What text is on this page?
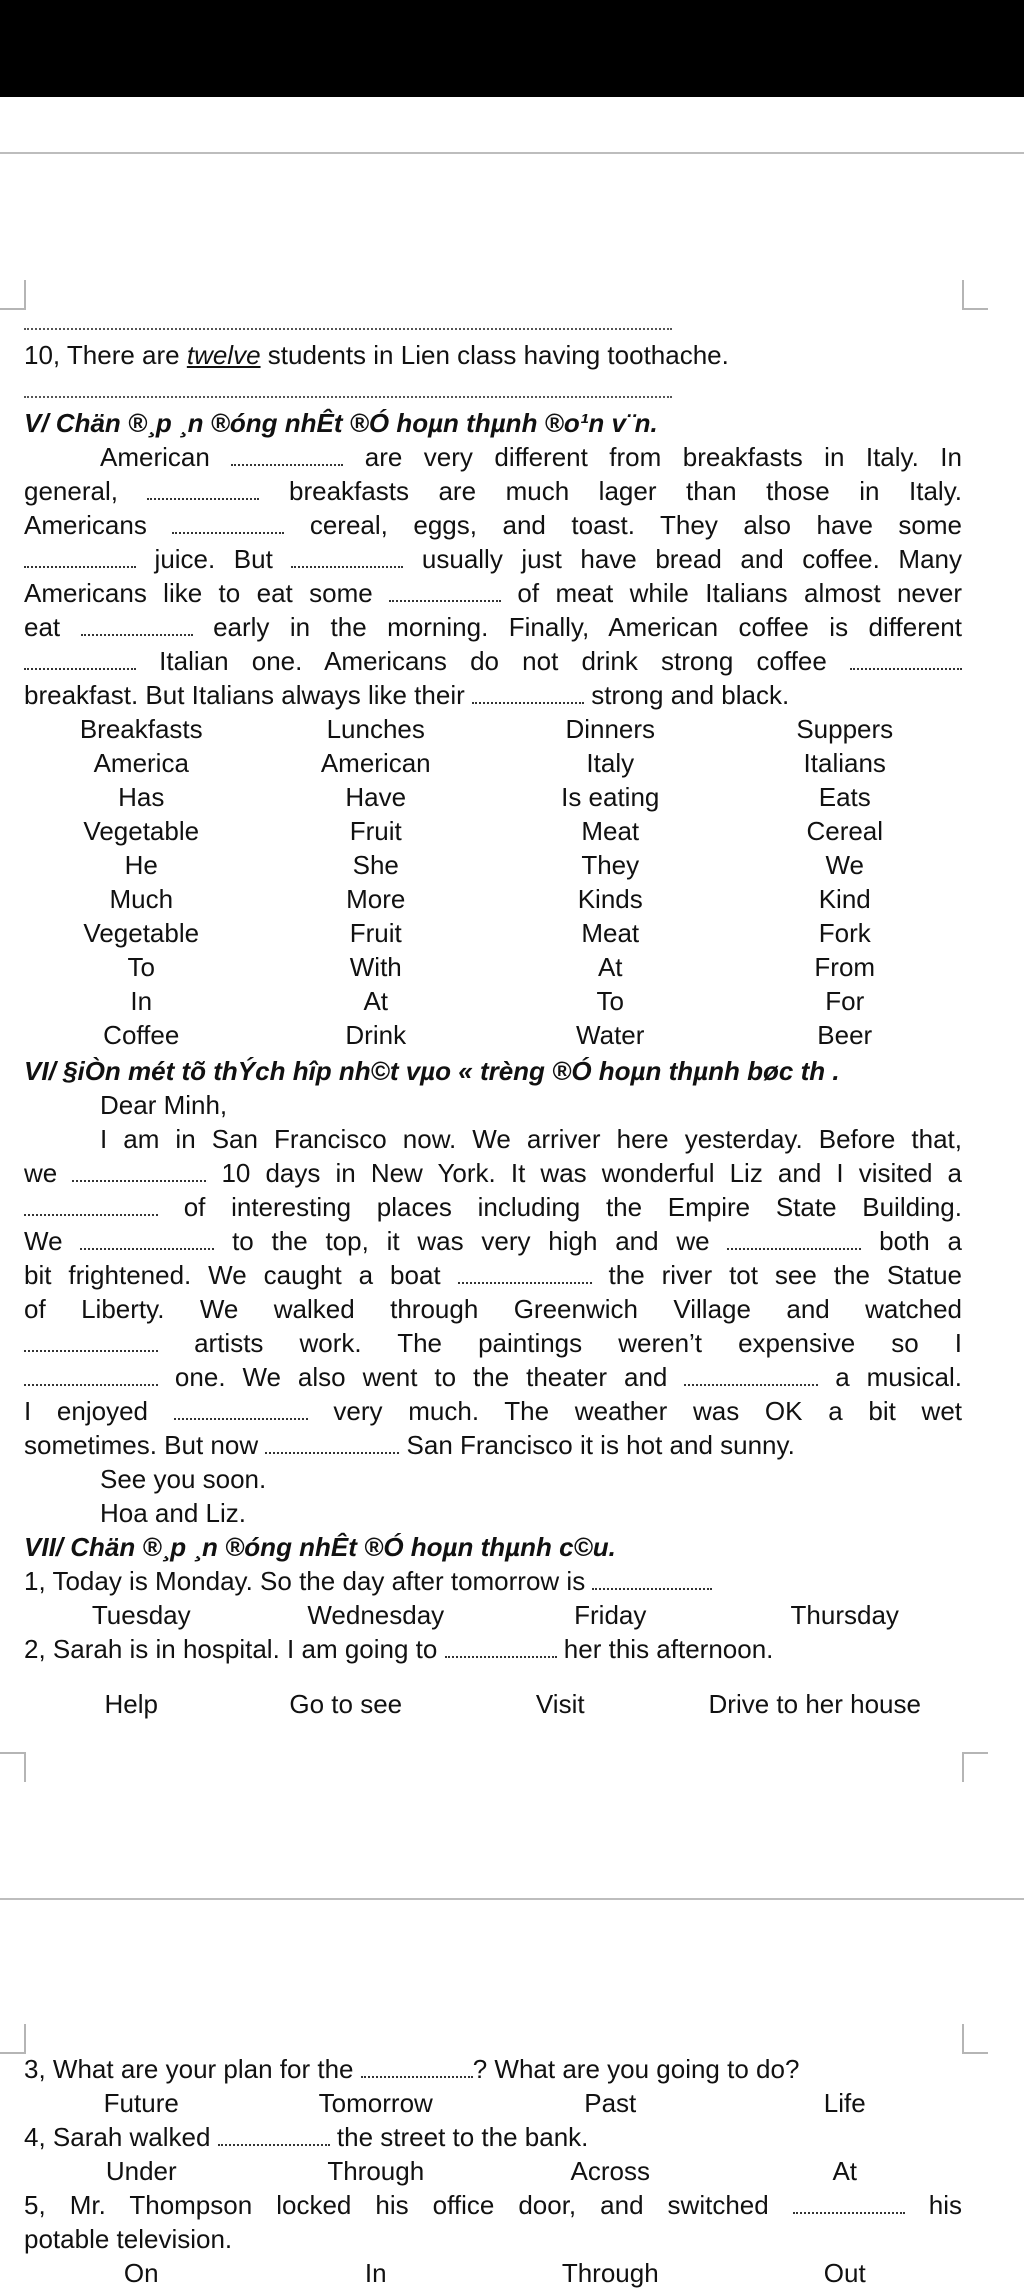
10, There are twelve students in Lien class having toothache.
V/ Chän ®¸p ¸n ®óng nhÊt ®Ó hoµn thµnh ®o¹n v¨n.
American	are very different from breakfasts in Italy. In
general,	breakfasts are much lager than those in Italy.
Americans	cereal, eggs, and toast. They also have some
juice. But	usually just have bread and coffee. Many
Americans like to eat some	of meat while Italians almost never
eat	early in the morning. Finally, American coffee is different
Italian one. Americans do not drink strong coffee
breakfast. But Italians always like their	strong and black.
Breakfasts	Lunches	Dinners	Suppers
America	American	Italy	Italians
Has	Have	Is eating	Eats
Vegetable	Fruit	Meat	Cereal
He	She	They	We
Much	More	Kinds	Kind
Vegetable	Fruit	Meat	Fork
To	With	At	From
In	At	To	For
Coffee	Drink	Water	Beer
VI/ §iÒn mét tõ thÝch hîp nh©t vµo « trèng ®Ó hoµn thµnh bøc th .
Dear Minh,
I am in San Francisco now. We arriver here yesterday. Before that,
we	10 days in New York. It was wonderful Liz and I visited a
of interesting places including the Empire State Building.
We	to the top, it was very high and we	both a
bit frightened. We caught a boat	the river tot see the Statue
of Liberty. We walked through Greenwich Village and watched
artists work. The paintings weren’t expensive so I
one. We also went to the theater and	a musical.
I enjoyed	very much. The weather was OK a bit wet
sometimes. But now	San Francisco it is hot and sunny.
See you soon.
Hoa and Liz.
VII/ Chän ®¸p ¸n ®óng nhÊt ®Ó hoµn thµnh c©u.
1, Today is Monday. So the day after tomorrow is
Tuesday	Wednesday	Friday	Thursday
2, Sarah is in hospital. I am going to	her this afternoon.
Help	Go to see	Visit	Drive to her house
3, What are your plan for the	? What are you going to do?
Future	Tomorrow	Past	Life
4, Sarah walked	the street to the bank.
Under	Through	Across	At
5, Mr. Thompson locked his office door, and switched	his
potable television.
On	In	Through	Out
